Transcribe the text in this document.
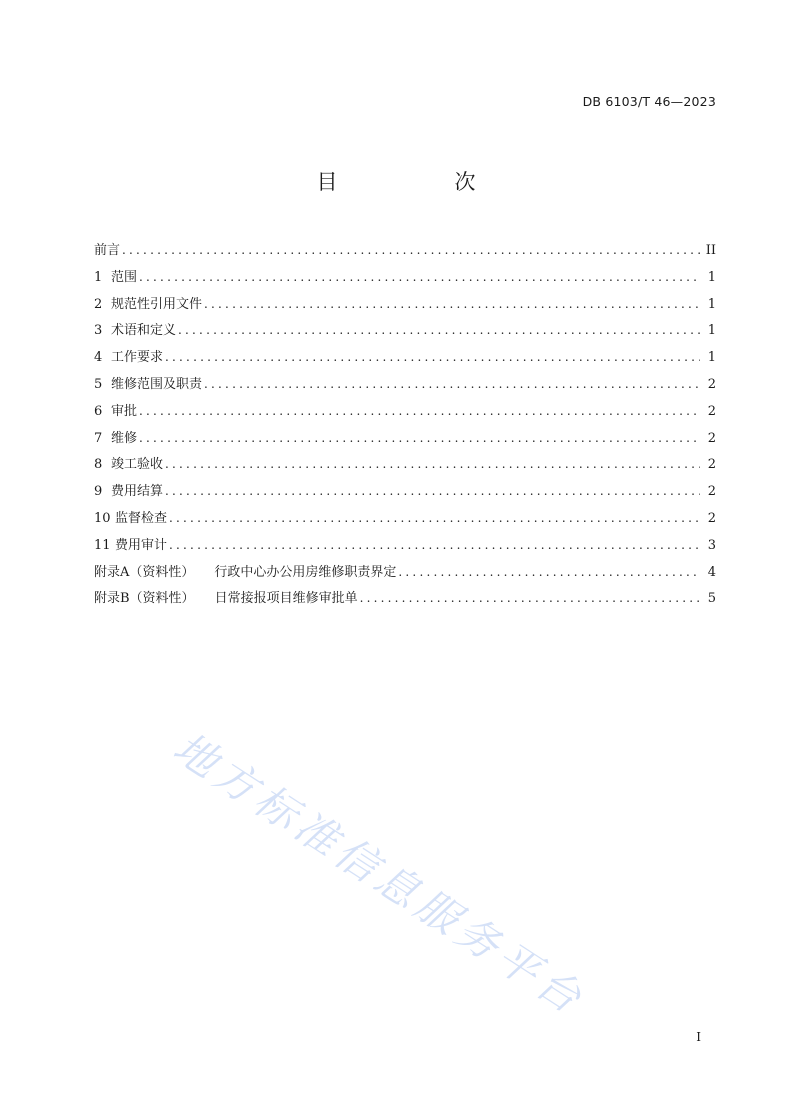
DB 6103/T 46—2023
目　次
前言 .....	II
1 范围 .....	1
2 规范性引用文件 .....	1
3 术语和定义 .....	1
4 工作要求 .....	1
5 维修范围及职责 .....	2
6 审批 .....	2
7 维修 .....	2
8 竣工验收 .....	2
9 费用结算 .....	2
10 监督检查 .....	2
11 费用审计 .....	3
附录A（资料性） 行政中心办公用房维修职责界定 .....	4
附录B（资料性） 日常接报项目维修审批单 .....	5
地方标准信息服务平台
I
